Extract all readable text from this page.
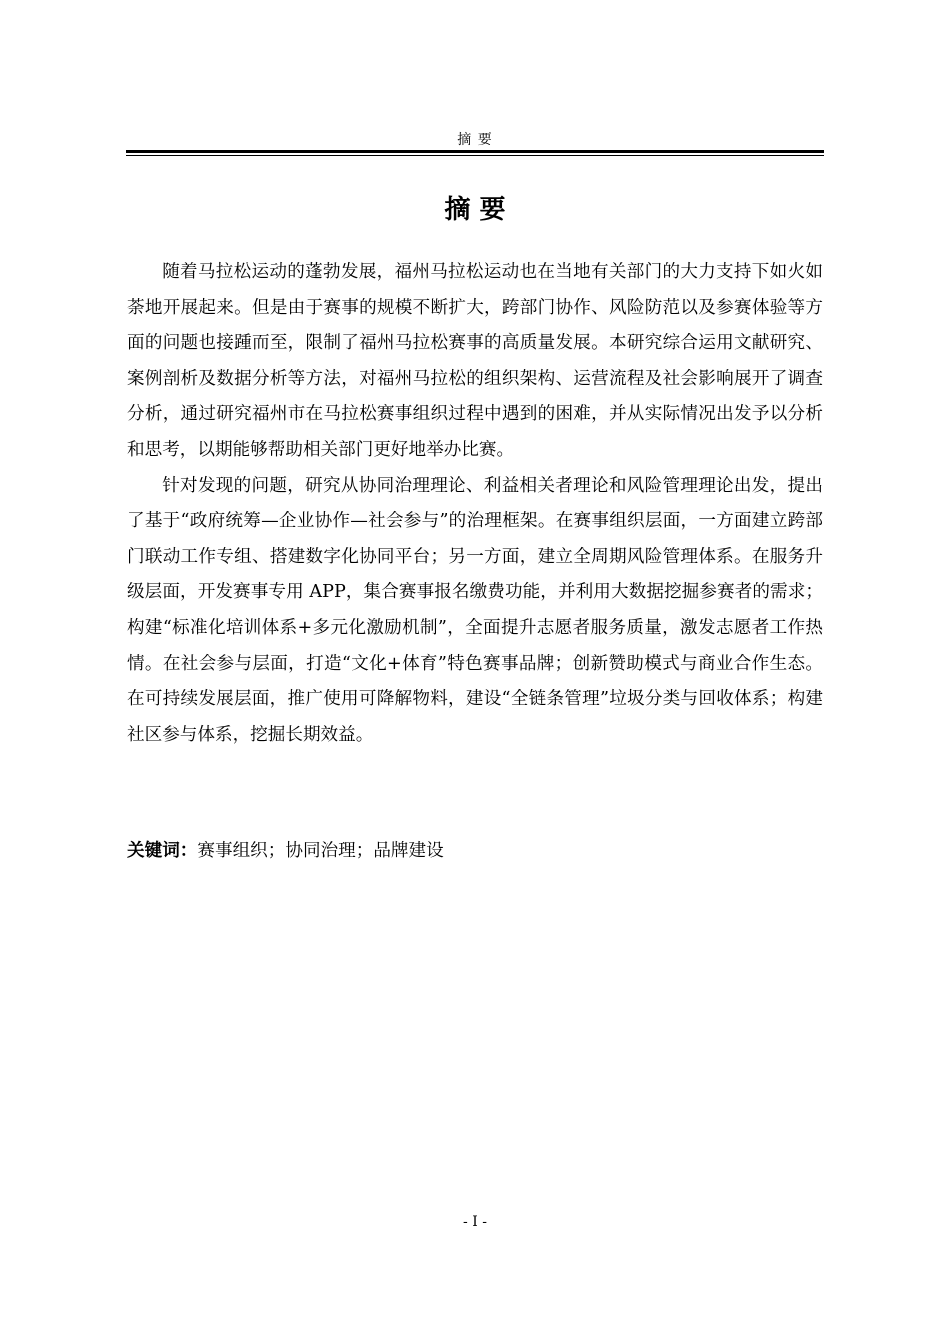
摘 要
摘 要

随着马拉松运动的蓬勃发展，福州马拉松运动也在当地有关部门的大力支持下如火如荼地开展起来。但是由于赛事的规模不断扩大，跨部门协作、风险防范以及参赛体验等方面的问题也接踵而至，限制了福州马拉松赛事的高质量发展。本研究综合运用文献研究、案例剖析及数据分析等方法，对福州马拉松的组织架构、运营流程及社会影响展开了调查分析，通过研究福州市在马拉松赛事组织过程中遇到的困难，并从实际情况出发予以分析和思考，以期能够帮助相关部门更好地举办比赛。

针对发现的问题，研究从协同治理理论、利益相关者理论和风险管理理论出发，提出了基于“政府统筹—企业协作—社会参与”的治理框架。在赛事组织层面，一方面建立跨部门联动工作专组、搭建数字化协同平台；另一方面，建立全周期风险管理体系。在服务升级层面，开发赛事专用 APP，集合赛事报名缴费功能，并利用大数据挖掘参赛者的需求；构建“标准化培训体系+多元化激励机制”，全面提升志愿者服务质量，激发志愿者工作热情。在社会参与层面，打造“文化+体育”特色赛事品牌；创新赞助模式与商业合作生态。在可持续发展层面，推广使用可降解物料，建设“全链条管理”垃圾分类与回收体系；构建社区参与体系，挖掘长期效益。

关键词：赛事组织；协同治理；品牌建设
- I -
